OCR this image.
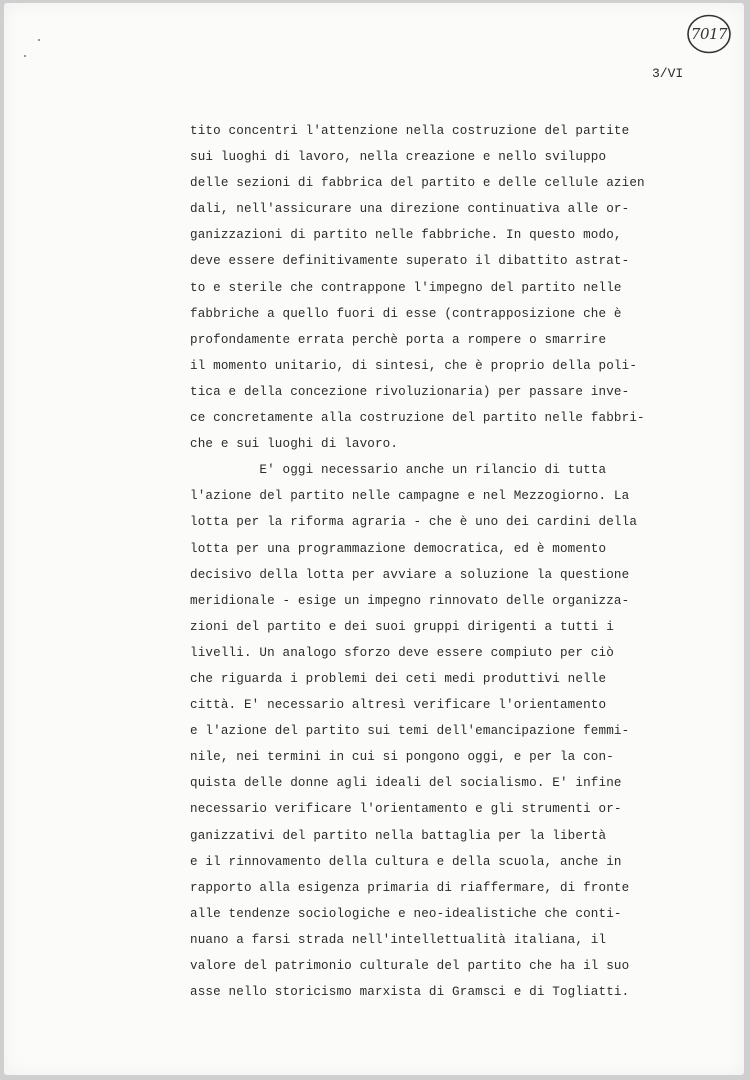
7017
3/VI
tito concentri l'attenzione nella costruzione del partite
sui luoghi di lavoro, nella creazione e nello sviluppo
delle sezioni di fabbrica del partito e delle cellule azien
dali, nell'assicurare una direzione continuativa alle or-
ganizzazioni di partito nelle fabbriche. In questo modo,
deve essere definitivamente superato il dibattito astrat-
to e sterile che contrappone l'impegno del partito nelle
fabbriche a quello fuori di esse (contrapposizione che è
profondamente errata perchè porta a rompere o smarrire
il momento unitario, di sintesi, che è proprio della poli-
tica e della concezione rivoluzionaria) per passare inve-
ce concretamente alla costruzione del partito nelle fabbri-
che e sui luoghi di lavoro.
E' oggi necessario anche un rilancio di tutta
l'azione del partito nelle campagne e nel Mezzogiorno. La
lotta per la riforma agraria - che è uno dei cardini della
lotta per una programmazione democratica, ed è momento
decisivo della lotta per avviare a soluzione la questione
meridionale - esige un impegno rinnovato delle organizza-
zioni del partito e dei suoi gruppi dirigenti a tutti i
livelli. Un analogo sforzo deve essere compiuto per ciò
che riguarda i problemi dei ceti medi produttivi nelle
città. E' necessario altresì verificare l'orientamento
e l'azione del partito sui temi dell'emancipazione femmi-
nile, nei termini in cui si pongono oggi, e per la con-
quista delle donne agli ideali del socialismo. E' infine
necessario verificare l'orientamento e gli strumenti or-
ganizzativi del partito nella battaglia per la libertà
e il rinnovamento della cultura e della scuola, anche in
rapporto alla esigenza primaria di riaffermare, di fronte
alle tendenze sociologiche e neo-idealistiche che conti-
nuano a farsi strada nell'intellettualità italiana, il
valore del patrimonio culturale del partito che ha il suo
asse nello storicismo marxista di Gramsci e di Togliatti.
